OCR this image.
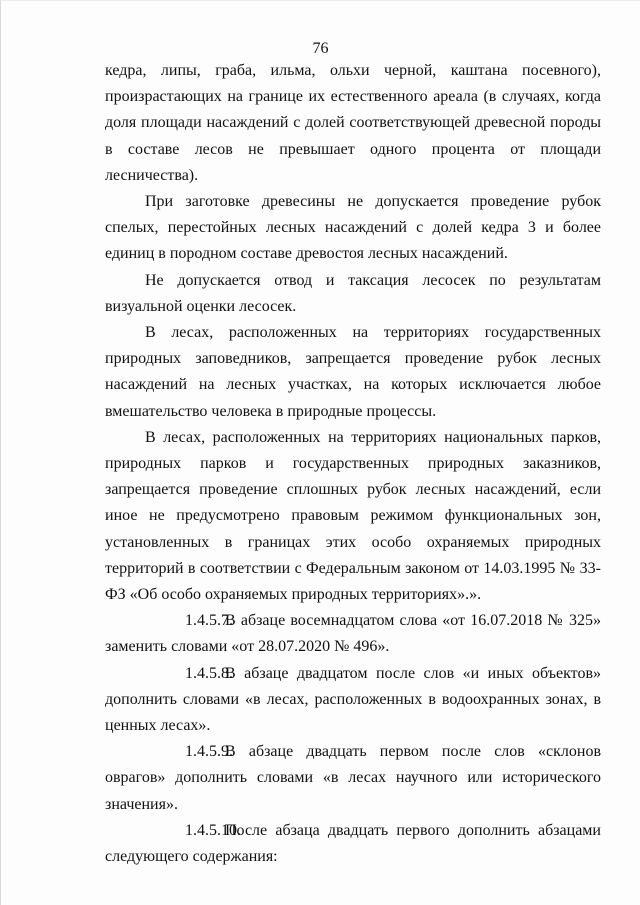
76

кедра, липы, граба, ильма, ольхи черной, каштана посевного), произрастающих на границе их естественного ареала (в случаях, когда доля площади насаждений с долей соответствующей древесной породы в составе лесов не превышает одного процента от площади лесничества).

При заготовке древесины не допускается проведение рубок спелых, перестойных лесных насаждений с долей кедра 3 и более единиц в породном составе древостоя лесных насаждений.

Не допускается отвод и таксация лесосек по результатам визуальной оценки лесосек.

В лесах, расположенных на территориях государственных природных заповедников, запрещается проведение рубок лесных насаждений на лесных участках, на которых исключается любое вмешательство человека в природные процессы.

В лесах, расположенных на территориях национальных парков, природных парков и государственных природных заказников, запрещается проведение сплошных рубок лесных насаждений, если иное не предусмотрено правовым режимом функциональных зон, установленных в границах этих особо охраняемых природных территорий в соответствии с Федеральным законом от 14.03.1995 № 33-ФЗ «Об особо охраняемых природных территориях».».

1.4.5.7.В абзаце восемнадцатом слова «от 16.07.2018 № 325» заменить словами «от 28.07.2020 № 496».

1.4.5.8.В абзаце двадцатом после слов «и иных объектов» дополнить словами «в лесах, расположенных в водоохранных зонах, в ценных лесах».

1.4.5.9.В абзаце двадцать первом после слов «склонов оврагов» дополнить словами «в лесах научного или исторического значения».

1.4.5.10.После абзаца двадцать первого дополнить абзацами следующего содержания:
